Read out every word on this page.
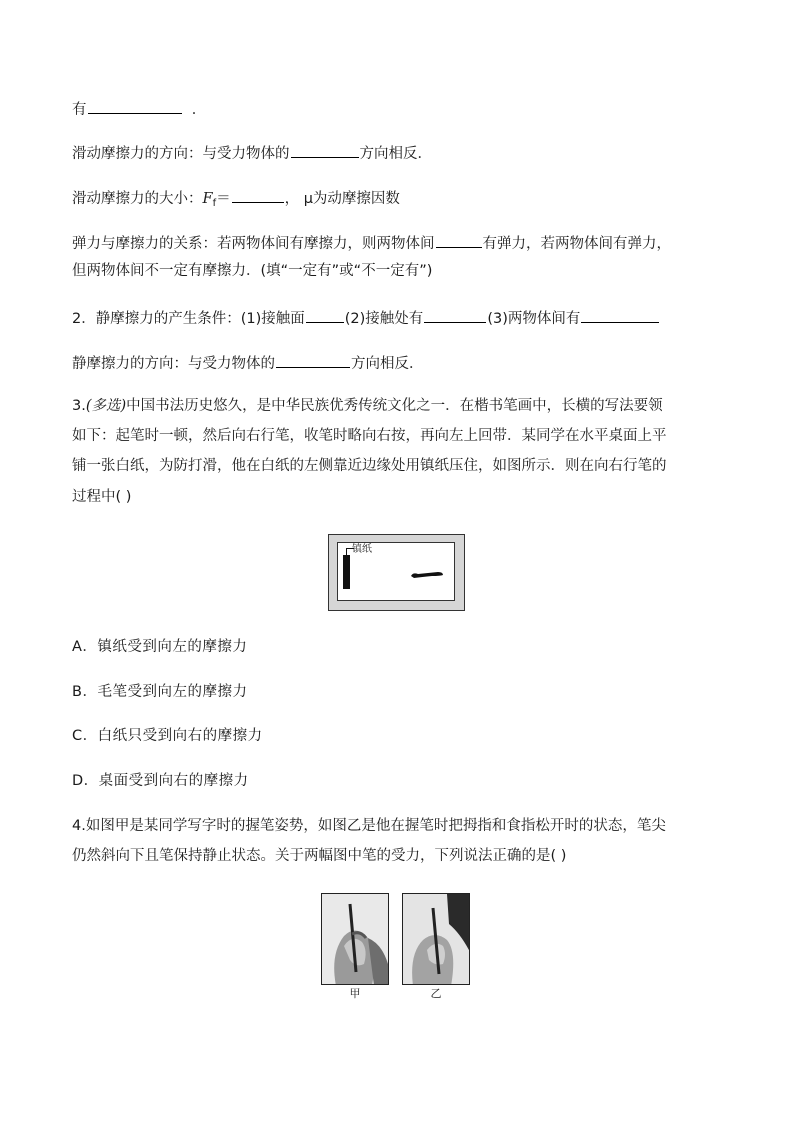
有	．
滑动摩擦力的方向：与受力物体的	方向相反．
滑动摩擦力的大小：$F_f=$	， μ为动摩擦因数
弹力与摩擦力的关系：若两物体间有摩擦力，则两物体间	有弹力，若两物体间有弹力，
但两物体间不一定有摩擦力．(填“一定有”或“不一定有”)
2．静摩擦力的产生条件：(1)接触面	(2)接触处有	(3)两物体间有
静摩擦力的方向：与受力物体的	方向相反．
3.(多选)中国书法历史悠久，是中华民族优秀传统文化之一．在楷书笔画中，长横的写法要领
如下：起笔时一顿，然后向右行笔，收笔时略向右按，再向左上回带．某同学在水平桌面上平
铺一张白纸，为防打滑，他在白纸的左侧靠近边缘处用镇纸压住，如图所示．则在向右行笔的
过程中( )
镇纸
A．镇纸受到向左的摩擦力
B．毛笔受到向左的摩擦力
C．白纸只受到向右的摩擦力
D．桌面受到向右的摩擦力
4.如图甲是某同学写字时的握笔姿势，如图乙是他在握笔时把拇指和食指松开时的状态，笔尖
仍然斜向下且笔保持静止状态。关于两幅图中笔的受力，下列说法正确的是( )
甲	乙
